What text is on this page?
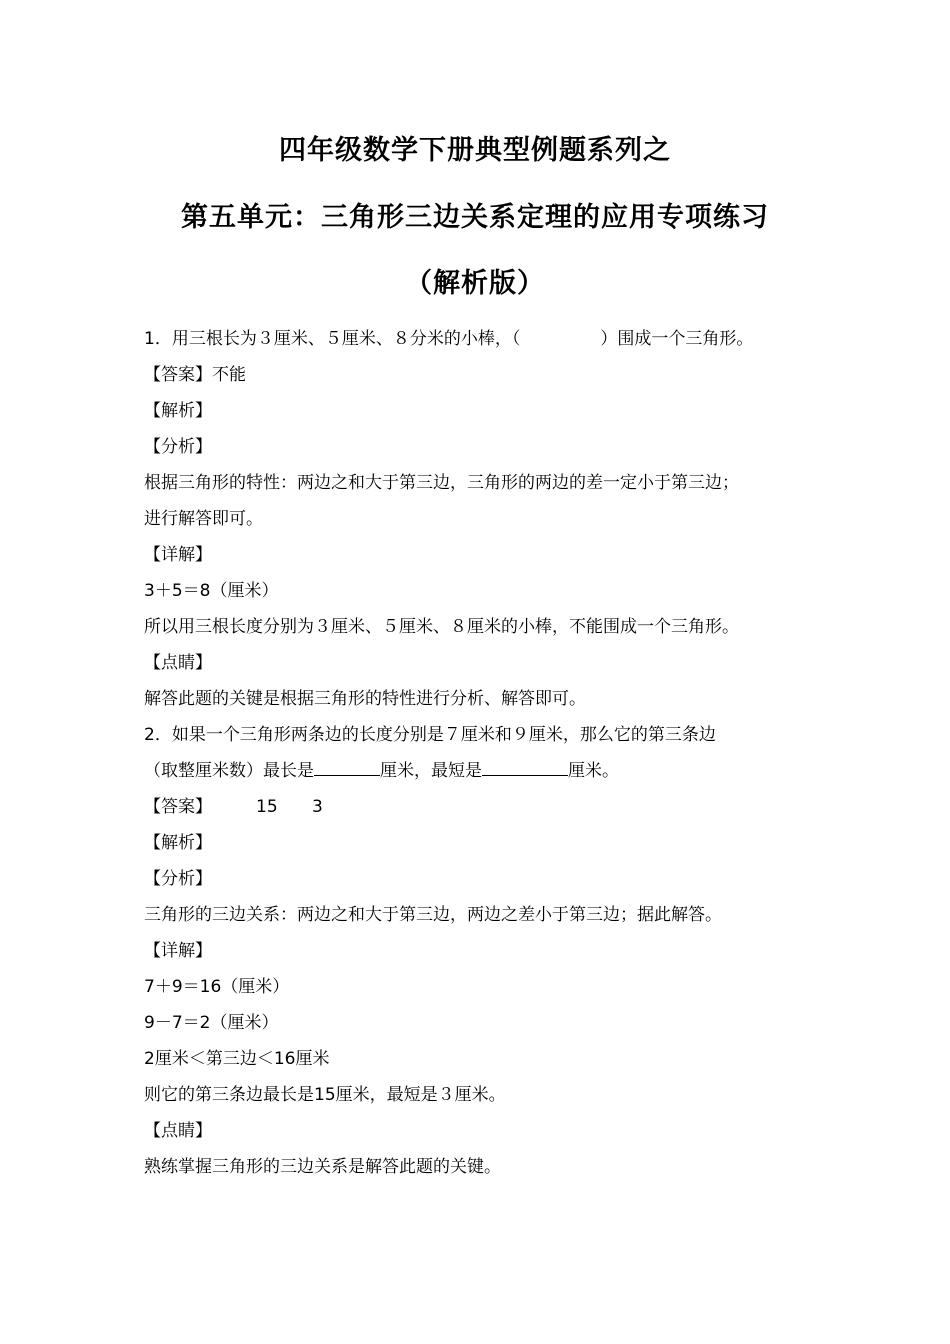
四年级数学下册典型例题系列之
第五单元：三角形三边关系定理的应用专项练习
（解析版）
1．用三根长为３厘米、５厘米、８分米的小棒，（	）围成一个三角形。
【答案】不能
【解析】
【分析】
根据三角形的特性：两边之和大于第三边，三角形的两边的差一定小于第三边；
进行解答即可。
【详解】
3＋5＝8（厘米）
所以用三根长度分别为３厘米、５厘米、８厘米的小棒，不能围成一个三角形。
【点睛】
解答此题的关键是根据三角形的特性进行分析、解答即可。
2．如果一个三角形两条边的长度分别是７厘米和９厘米，那么它的第三条边
（取整厘米数）最长是	厘米，最短是	厘米。
【答案】	15 3
【解析】
【分析】
三角形的三边关系：两边之和大于第三边，两边之差小于第三边；据此解答。
【详解】
7＋9＝16（厘米）
9－7＝2（厘米）
2厘米＜第三边＜16厘米
则它的第三条边最长是15厘米，最短是３厘米。
【点睛】
熟练掌握三角形的三边关系是解答此题的关键。
